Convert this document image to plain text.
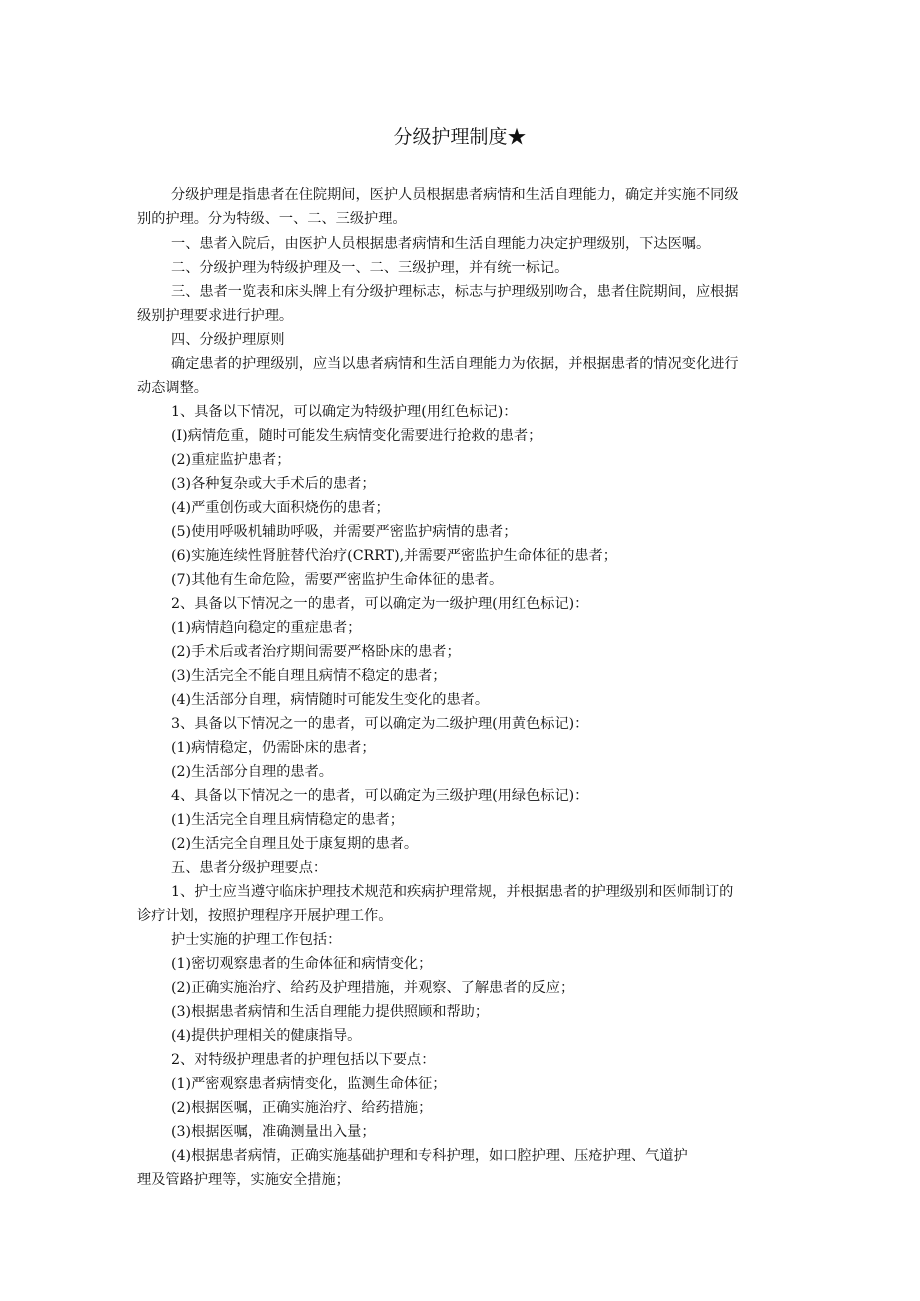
分级护理制度★

分级护理是指患者在住院期间，医护人员根据患者病情和生活自理能力，确定并实施不同级
别的护理。分为特级、一、二、三级护理。

一、患者入院后，由医护人员根据患者病情和生活自理能力决定护理级别，下达医嘱。

二、分级护理为特级护理及一、二、三级护理，并有统一标记。

三、患者一览表和床头牌上有分级护理标志，标志与护理级别吻合，患者住院期间，应根据
级别护理要求进行护理。

四、分级护理原则

确定患者的护理级别，应当以患者病情和生活自理能力为依据，并根据患者的情况变化进行
动态调整。

1、具备以下情况，可以确定为特级护理(用红色标记)：

(I)病情危重，随时可能发生病情变化需要进行抢救的患者；

(2)重症监护患者；

(3)各种复杂或大手术后的患者；

(4)严重创伤或大面积烧伤的患者；

(5)使用呼吸机辅助呼吸，并需要严密监护病情的患者；

(6)实施连续性肾脏替代治疗(CRRT),并需要严密监护生命体征的患者；

(7)其他有生命危险，需要严密监护生命体征的患者。

2、具备以下情况之一的患者，可以确定为一级护理(用红色标记)：

(1)病情趋向稳定的重症患者；

(2)手术后或者治疗期间需要严格卧床的患者；

(3)生活完全不能自理且病情不稳定的患者；

(4)生活部分自理，病情随时可能发生变化的患者。

3、具备以下情况之一的患者，可以确定为二级护理(用黄色标记)：

(1)病情稳定，仍需卧床的患者；

(2)生活部分自理的患者。

4、具备以下情况之一的患者，可以确定为三级护理(用绿色标记)：

(1)生活完全自理且病情稳定的患者；

(2)生活完全自理且处于康复期的患者。

五、患者分级护理要点：

1、护士应当遵守临床护理技术规范和疾病护理常规，并根据患者的护理级别和医师制订的
诊疗计划，按照护理程序开展护理工作。

护士实施的护理工作包括：

(1)密切观察患者的生命体征和病情变化；

(2)正确实施治疗、给药及护理措施，并观察、了解患者的反应；

(3)根据患者病情和生活自理能力提供照顾和帮助；

(4)提供护理相关的健康指导。

2、对特级护理患者的护理包括以下要点：

(1)严密观察患者病情变化，监测生命体征；

(2)根据医嘱，正确实施治疗、给药措施；

(3)根据医嘱，准确测量出入量；

(4)根据患者病情，正确实施基础护理和专科护理，如口腔护理、压疮护理、气道护
理及管路护理等，实施安全措施；
